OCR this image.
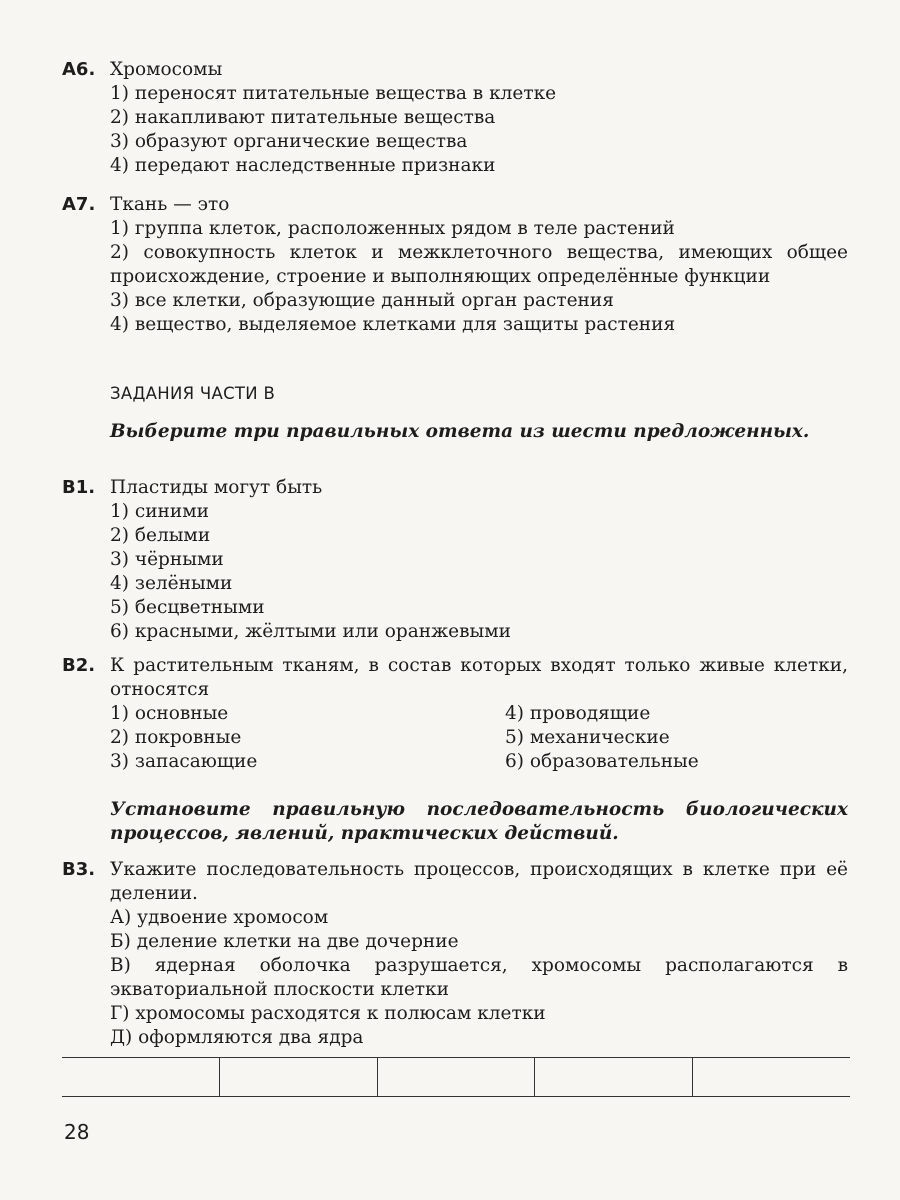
А6. Хромосомы
1) переносят питательные вещества в клетке
2) накапливают питательные вещества
3) образуют органические вещества
4) передают наследственные признаки
А7. Ткань — это
1) группа клеток, расположенных рядом в теле растений
2) совокупность клеток и межклеточного вещества, имеющих общее происхождение, строение и выполняющих определённые функции
3) все клетки, образующие данный орган растения
4) вещество, выделяемое клетками для защиты растения
ЗАДАНИЯ ЧАСТИ В
Выберите три правильных ответа из шести предложенных.
В1. Пластиды могут быть
1) синими
2) белыми
3) чёрными
4) зелёными
5) бесцветными
6) красными, жёлтыми или оранжевыми
В2. К растительным тканям, в состав которых входят только живые клетки, относятся
1) основные	4) проводящие
2) покровные	5) механические
3) запасающие	6) образовательные
Установите правильную последовательность биологических процессов, явлений, практических действий.
В3. Укажите последовательность процессов, происходящих в клетке при её делении.
А) удвоение хромосом
Б) деление клетки на две дочерние
В) ядерная оболочка разрушается, хромосомы располагаются в экваториальной плоскости клетки
Г) хромосомы расходятся к полюсам клетки
Д) оформляются два ядра
28
